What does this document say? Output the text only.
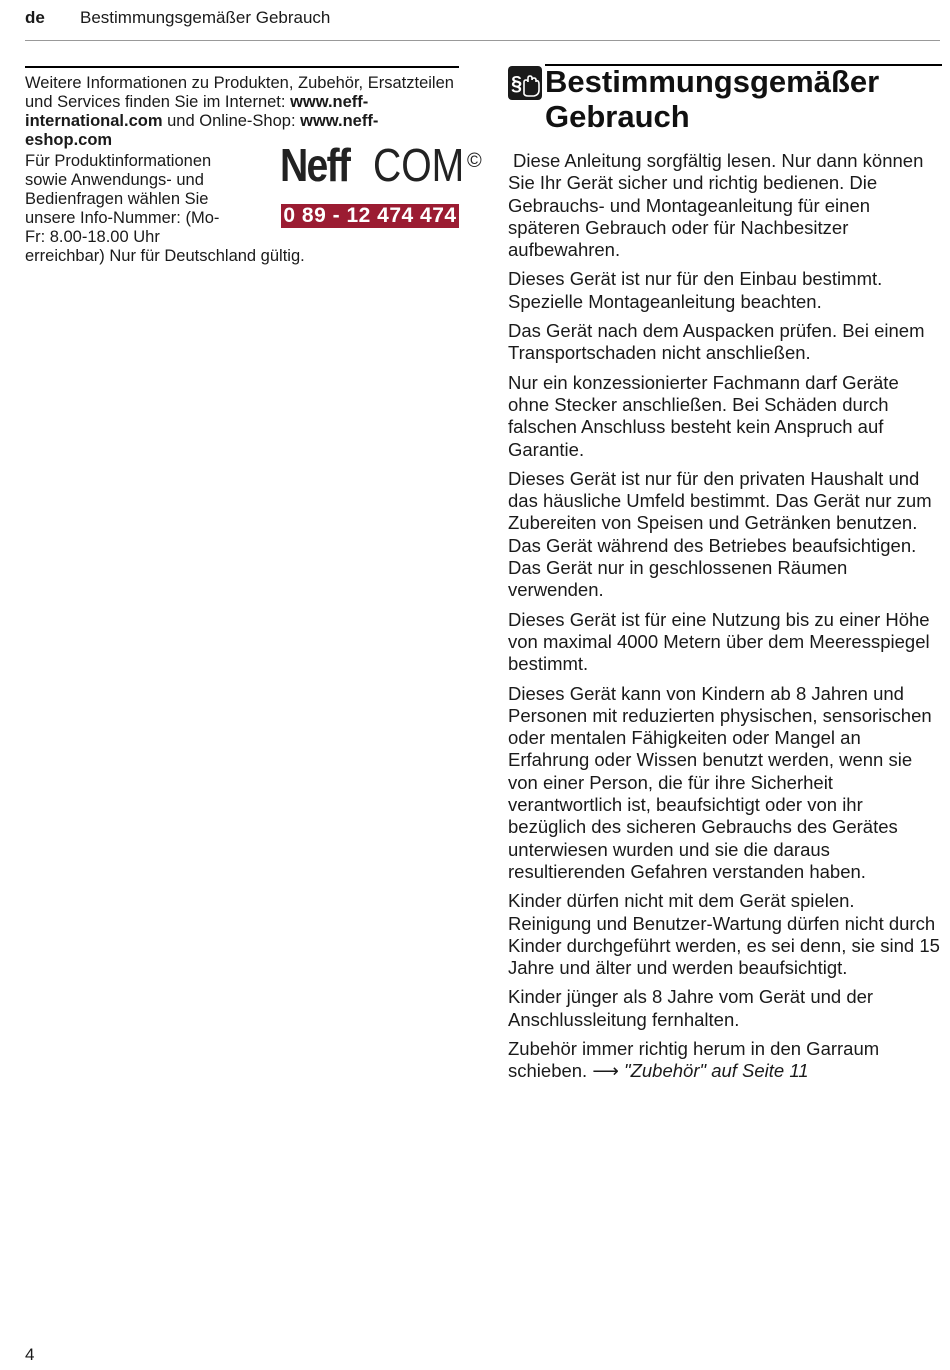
de Bestimmungsgemäßer Gebrauch
Weitere Informationen zu Produkten, Zubehör, Ersatzteilen und Services finden Sie im Internet: www.neff-international.com und Online-Shop: www.neff-eshop.com
Für Produktinformationen sowie Anwendungs- und Bedienfragen wählen Sie unsere Info-Nummer: (Mo-Fr: 8.00-18.00 Uhr
erreichbar) Nur für Deutschland gültig.
Neff COM ©
0 89 - 12 474 474
§ Bestimmungsgemäßer Gebrauch

Diese Anleitung sorgfältig lesen. Nur dann können Sie Ihr Gerät sicher und richtig bedienen. Die Gebrauchs- und Montageanleitung für einen späteren Gebrauch oder für Nachbesitzer aufbewahren.

Dieses Gerät ist nur für den Einbau bestimmt. Spezielle Montageanleitung beachten.

Das Gerät nach dem Auspacken prüfen. Bei einem Transportschaden nicht anschließen.

Nur ein konzessionierter Fachmann darf Geräte ohne Stecker anschließen. Bei Schäden durch falschen Anschluss besteht kein Anspruch auf Garantie.

Dieses Gerät ist nur für den privaten Haushalt und das häusliche Umfeld bestimmt. Das Gerät nur zum Zubereiten von Speisen und Getränken benutzen. Das Gerät während des Betriebes beaufsichtigen. Das Gerät nur in geschlossenen Räumen verwenden.

Dieses Gerät ist für eine Nutzung bis zu einer Höhe von maximal 4000 Metern über dem Meeresspiegel bestimmt.

Dieses Gerät kann von Kindern ab 8 Jahren und Personen mit reduzierten physischen, sensorischen oder mentalen Fähigkeiten oder Mangel an Erfahrung oder Wissen benutzt werden, wenn sie von einer Person, die für ihre Sicherheit verantwortlich ist, beaufsichtigt oder von ihr bezüglich des sicheren Gebrauchs des Gerätes unterwiesen wurden und sie die daraus resultierenden Gefahren verstanden haben.

Kinder dürfen nicht mit dem Gerät spielen. Reinigung und Benutzer-Wartung dürfen nicht durch Kinder durchgeführt werden, es sei denn, sie sind 15 Jahre und älter und werden beaufsichtigt.

Kinder jünger als 8 Jahre vom Gerät und der Anschlussleitung fernhalten.

Zubehör immer richtig herum in den Garraum schieben. ⟶ "Zubehör" auf Seite 11

4
